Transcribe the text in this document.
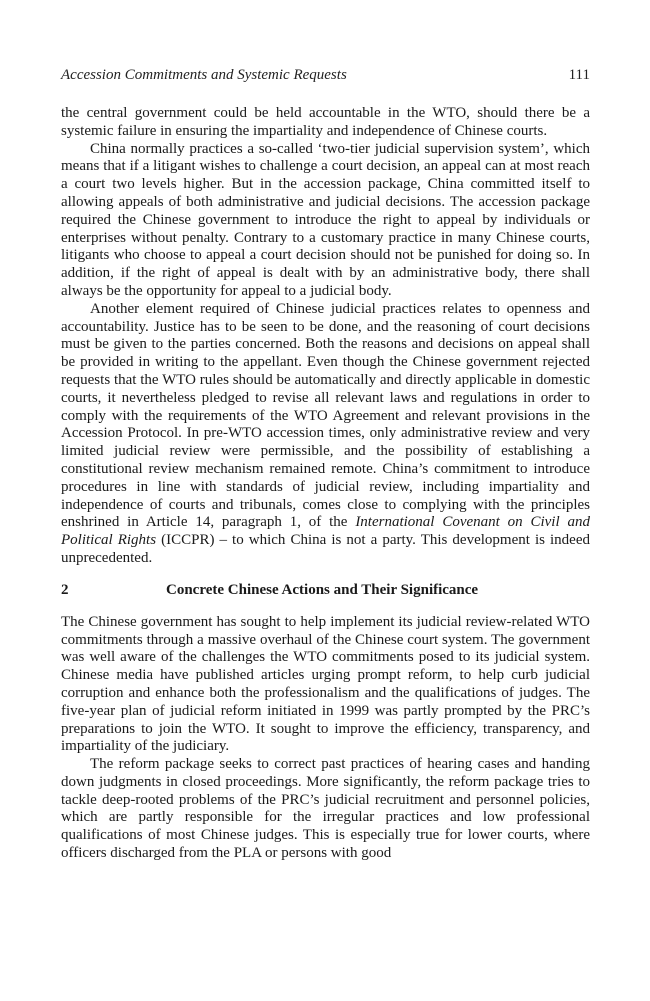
Accession Commitments and Systemic Requests	111

the central government could be held accountable in the WTO, should there be a systemic failure in ensuring the impartiality and independence of Chinese courts.

China normally practices a so-called ‘two-tier judicial supervision system’, which means that if a litigant wishes to challenge a court decision, an appeal can at most reach a court two levels higher. But in the accession package, China committed itself to allowing appeals of both administrative and judicial decisions. The accession package required the Chinese government to introduce the right to appeal by individuals or enterprises without penalty. Contrary to a customary practice in many Chinese courts, litigants who choose to appeal a court decision should not be punished for doing so. In addition, if the right of appeal is dealt with by an administrative body, there shall always be the opportunity for appeal to a judicial body.

Another element required of Chinese judicial practices relates to openness and accountability. Justice has to be seen to be done, and the reasoning of court decisions must be given to the parties concerned. Both the reasons and decisions on appeal shall be provided in writing to the appellant. Even though the Chinese government rejected requests that the WTO rules should be automatically and directly applicable in domestic courts, it nevertheless pledged to revise all relevant laws and regulations in order to comply with the requirements of the WTO Agreement and relevant provisions in the Accession Protocol. In pre-WTO accession times, only administrative review and very limited judicial review were permissible, and the possibility of establishing a constitutional review mechanism remained remote. China’s commitment to introduce procedures in line with standards of judicial review, including impartiality and independence of courts and tribunals, comes close to complying with the principles enshrined in Article 14, paragraph 1, of the International Covenant on Civil and Political Rights (ICCPR) – to which China is not a party. This development is indeed unprecedented.

2	Concrete Chinese Actions and Their Significance

The Chinese government has sought to help implement its judicial review-related WTO commitments through a massive overhaul of the Chinese court system. The government was well aware of the challenges the WTO commitments posed to its judicial system. Chinese media have published articles urging prompt reform, to help curb judicial corruption and enhance both the professionalism and the qualifications of judges. The five-year plan of judicial reform initiated in 1999 was partly prompted by the PRC’s preparations to join the WTO. It sought to improve the efficiency, transparency, and impartiality of the judiciary.

The reform package seeks to correct past practices of hearing cases and handing down judgments in closed proceedings. More significantly, the reform package tries to tackle deep-rooted problems of the PRC’s judicial recruitment and personnel policies, which are partly responsible for the irregular practices and low professional qualifications of most Chinese judges. This is especially true for lower courts, where officers discharged from the PLA or persons with good
